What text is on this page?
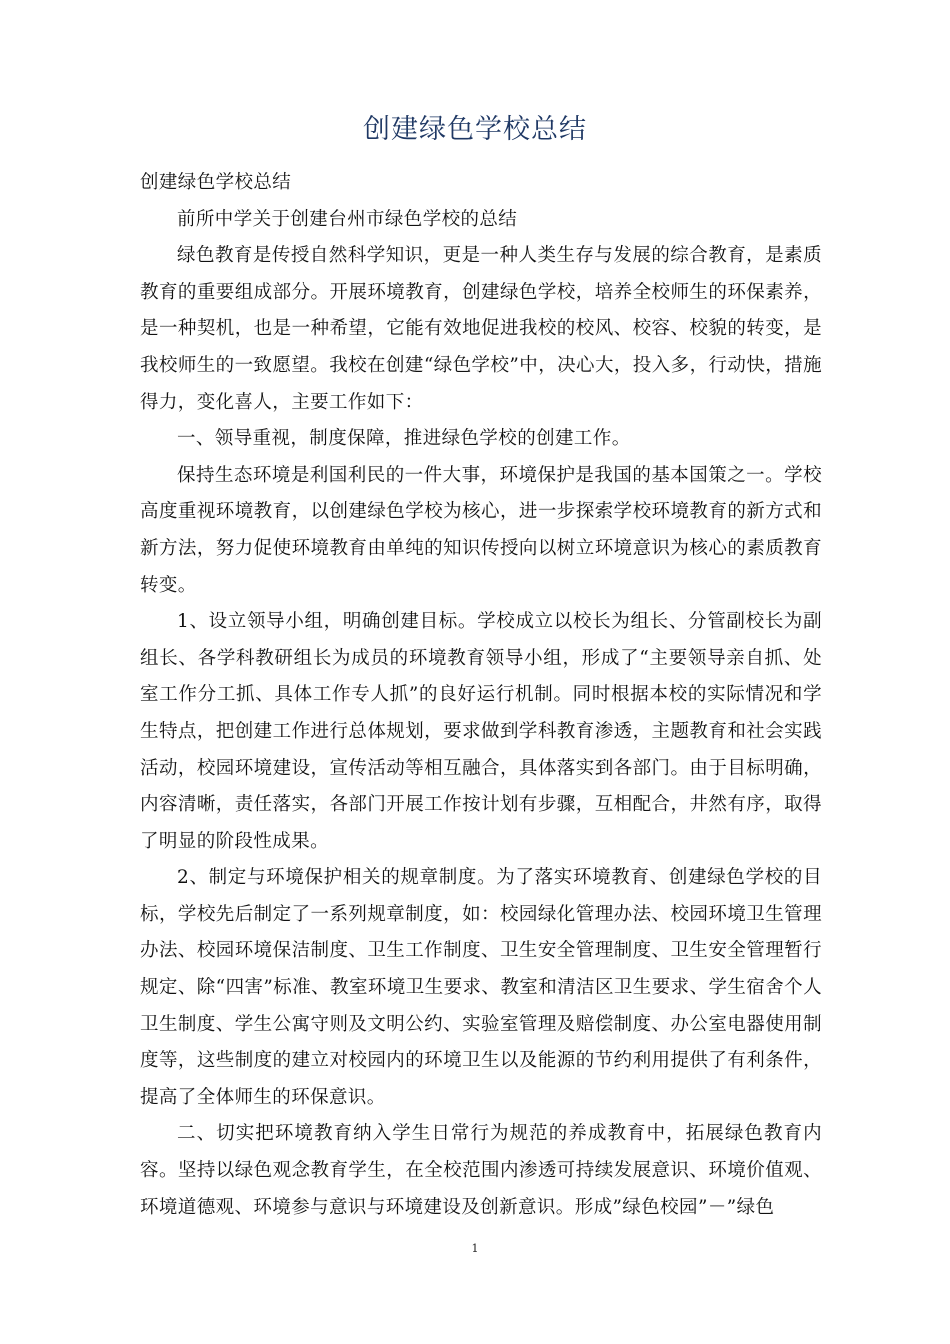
创建绿色学校总结

创建绿色学校总结

前所中学关于创建台州市绿色学校的总结

绿色教育是传授自然科学知识，更是一种人类生存与发展的综合教育，是素质教育的重要组成部分。开展环境教育，创建绿色学校，培养全校师生的环保素养，是一种契机，也是一种希望，它能有效地促进我校的校风、校容、校貌的转变，是我校师生的一致愿望。我校在创建“绿色学校”中，决心大，投入多，行动快，措施得力，变化喜人，主要工作如下：

一、领导重视，制度保障，推进绿色学校的创建工作。

保持生态环境是利国利民的一件大事，环境保护是我国的基本国策之一。学校高度重视环境教育，以创建绿色学校为核心，进一步探索学校环境教育的新方式和新方法，努力促使环境教育由单纯的知识传授向以树立环境意识为核心的素质教育转变。

1、设立领导小组，明确创建目标。学校成立以校长为组长、分管副校长为副组长、各学科教研组长为成员的环境教育领导小组，形成了“主要领导亲自抓、处室工作分工抓、具体工作专人抓”的良好运行机制。同时根据本校的实际情况和学生特点，把创建工作进行总体规划，要求做到学科教育渗透，主题教育和社会实践活动，校园环境建设，宣传活动等相互融合，具体落实到各部门。由于目标明确，内容清晰，责任落实，各部门开展工作按计划有步骤，互相配合，井然有序，取得了明显的阶段性成果。

2、制定与环境保护相关的规章制度。为了落实环境教育、创建绿色学校的目标，学校先后制定了一系列规章制度，如：校园绿化管理办法、校园环境卫生管理办法、校园环境保洁制度、卫生工作制度、卫生安全管理制度、卫生安全管理暂行规定、除“四害”标准、教室环境卫生要求、教室和清洁区卫生要求、学生宿舍个人卫生制度、学生公寓守则及文明公约、实验室管理及赔偿制度、办公室电器使用制度等，这些制度的建立对校园内的环境卫生以及能源的节约利用提供了有利条件，提高了全体师生的环保意识。

二、切实把环境教育纳入学生日常行为规范的养成教育中，拓展绿色教育内容。坚持以绿色观念教育学生，在全校范围内渗透可持续发展意识、环境价值观、环境道德观、环境参与意识与环境建设及创新意识。形成”绿色校园”－”绿色

1
